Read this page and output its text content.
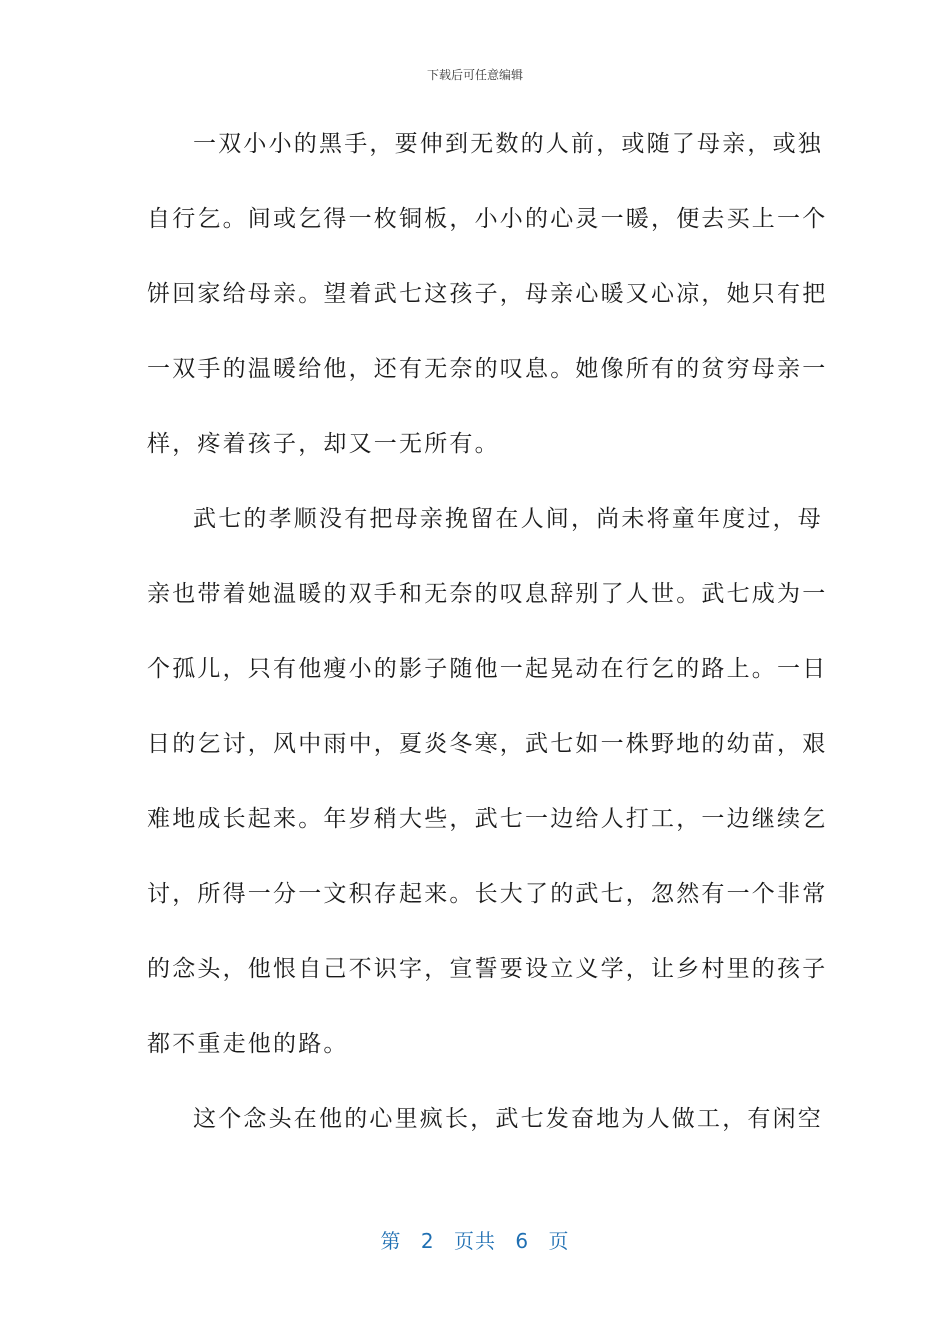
下载后可任意编辑
一双小小的黑手，要伸到无数的人前，或随了母亲，或独
自行乞。间或乞得一枚铜板，小小的心灵一暖，便去买上一个
饼回家给母亲。望着武七这孩子，母亲心暖又心凉，她只有把
一双手的温暖给他，还有无奈的叹息。她像所有的贫穷母亲一
样，疼着孩子，却又一无所有。
武七的孝顺没有把母亲挽留在人间，尚未将童年度过，母
亲也带着她温暖的双手和无奈的叹息辞别了人世。武七成为一
个孤儿，只有他瘦小的影子随他一起晃动在行乞的路上。一日
日的乞讨，风中雨中，夏炎冬寒，武七如一株野地的幼苗，艰
难地成长起来。年岁稍大些，武七一边给人打工，一边继续乞
讨，所得一分一文积存起来。长大了的武七，忽然有一个非常
的念头，他恨自己不识字，宣誓要设立义学，让乡村里的孩子
都不重走他的路。
这个念头在他的心里疯长，武七发奋地为人做工，有闲空
第 2 页共 6 页
